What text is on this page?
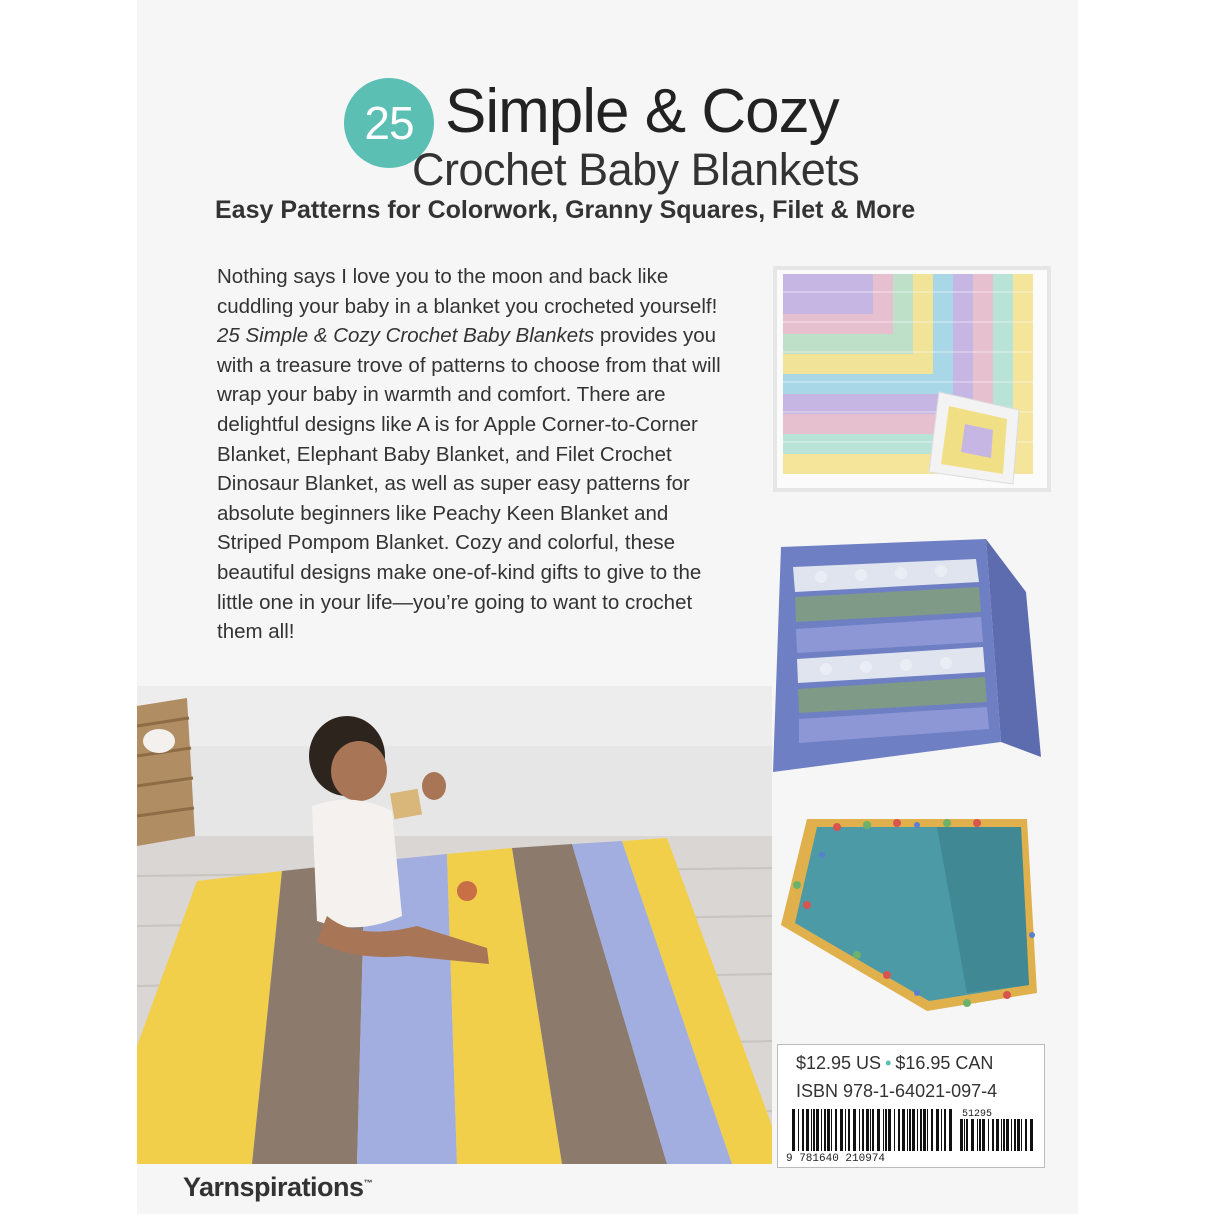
25 Simple & Cozy
Crochet Baby Blankets
Easy Patterns for Colorwork, Granny Squares, Filet & More

Nothing says I love you to the moon and back like cuddling your baby in a blanket you crocheted yourself! 25 Simple & Cozy Crochet Baby Blankets provides you with a treasure trove of patterns to choose from that will wrap your baby in warmth and comfort. There are delightful designs like A is for Apple Corner-to-Corner Blanket, Elephant Baby Blanket, and Filet Crochet Dinosaur Blanket, as well as super easy patterns for absolute beginners like Peachy Keen Blanket and Striped Pompom Blanket. Cozy and colorful, these beautiful designs make one-of-kind gifts to give to the little one in your life—you’re going to want to crochet them all!

Yarnspirations™
$12.95 US • $16.95 CAN
ISBN 978-1-64021-097-4
9 781640 210974
51295
